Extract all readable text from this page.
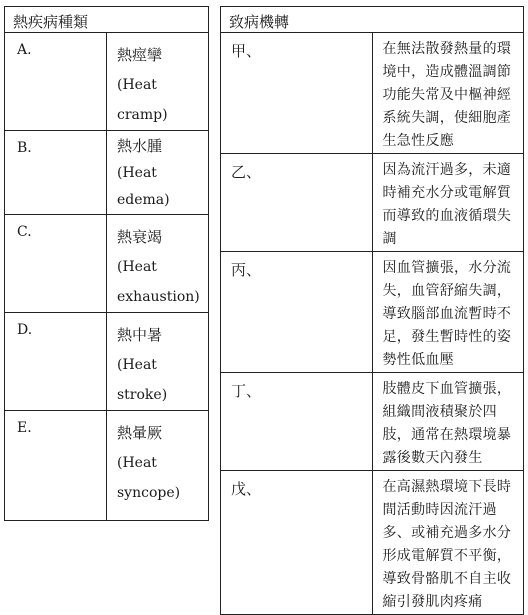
熱疾病種類	
A.	熱痙攣
(Heat cramp)

B.	熱水腫
(Heat edema)

C.	熱衰竭
(Heat exhaustion)

D.	熱中暑
(Heat stroke)

E.	熱暈厥
(Heat syncope)
致病機轉	
甲、	在無法散發熱量的環境中，造成體溫調節功能失常及中樞神經系統失調，使細胞產生急性反應
乙、	因為流汗過多，未適時補充水分或電解質而導致的血液循環失調
丙、	因血管擴張，水分流失，血管舒縮失調，導致腦部血流暫時不足，發生暫時性的姿勢性低血壓
丁、	肢體皮下血管擴張，組織間液積聚於四肢，通常在熱環境暴露後數天內發生
戊、	在高濕熱環境下長時間活動時因流汗過多、或補充過多水分形成電解質不平衡，導致骨骼肌不自主收縮引發肌肉疼痛
